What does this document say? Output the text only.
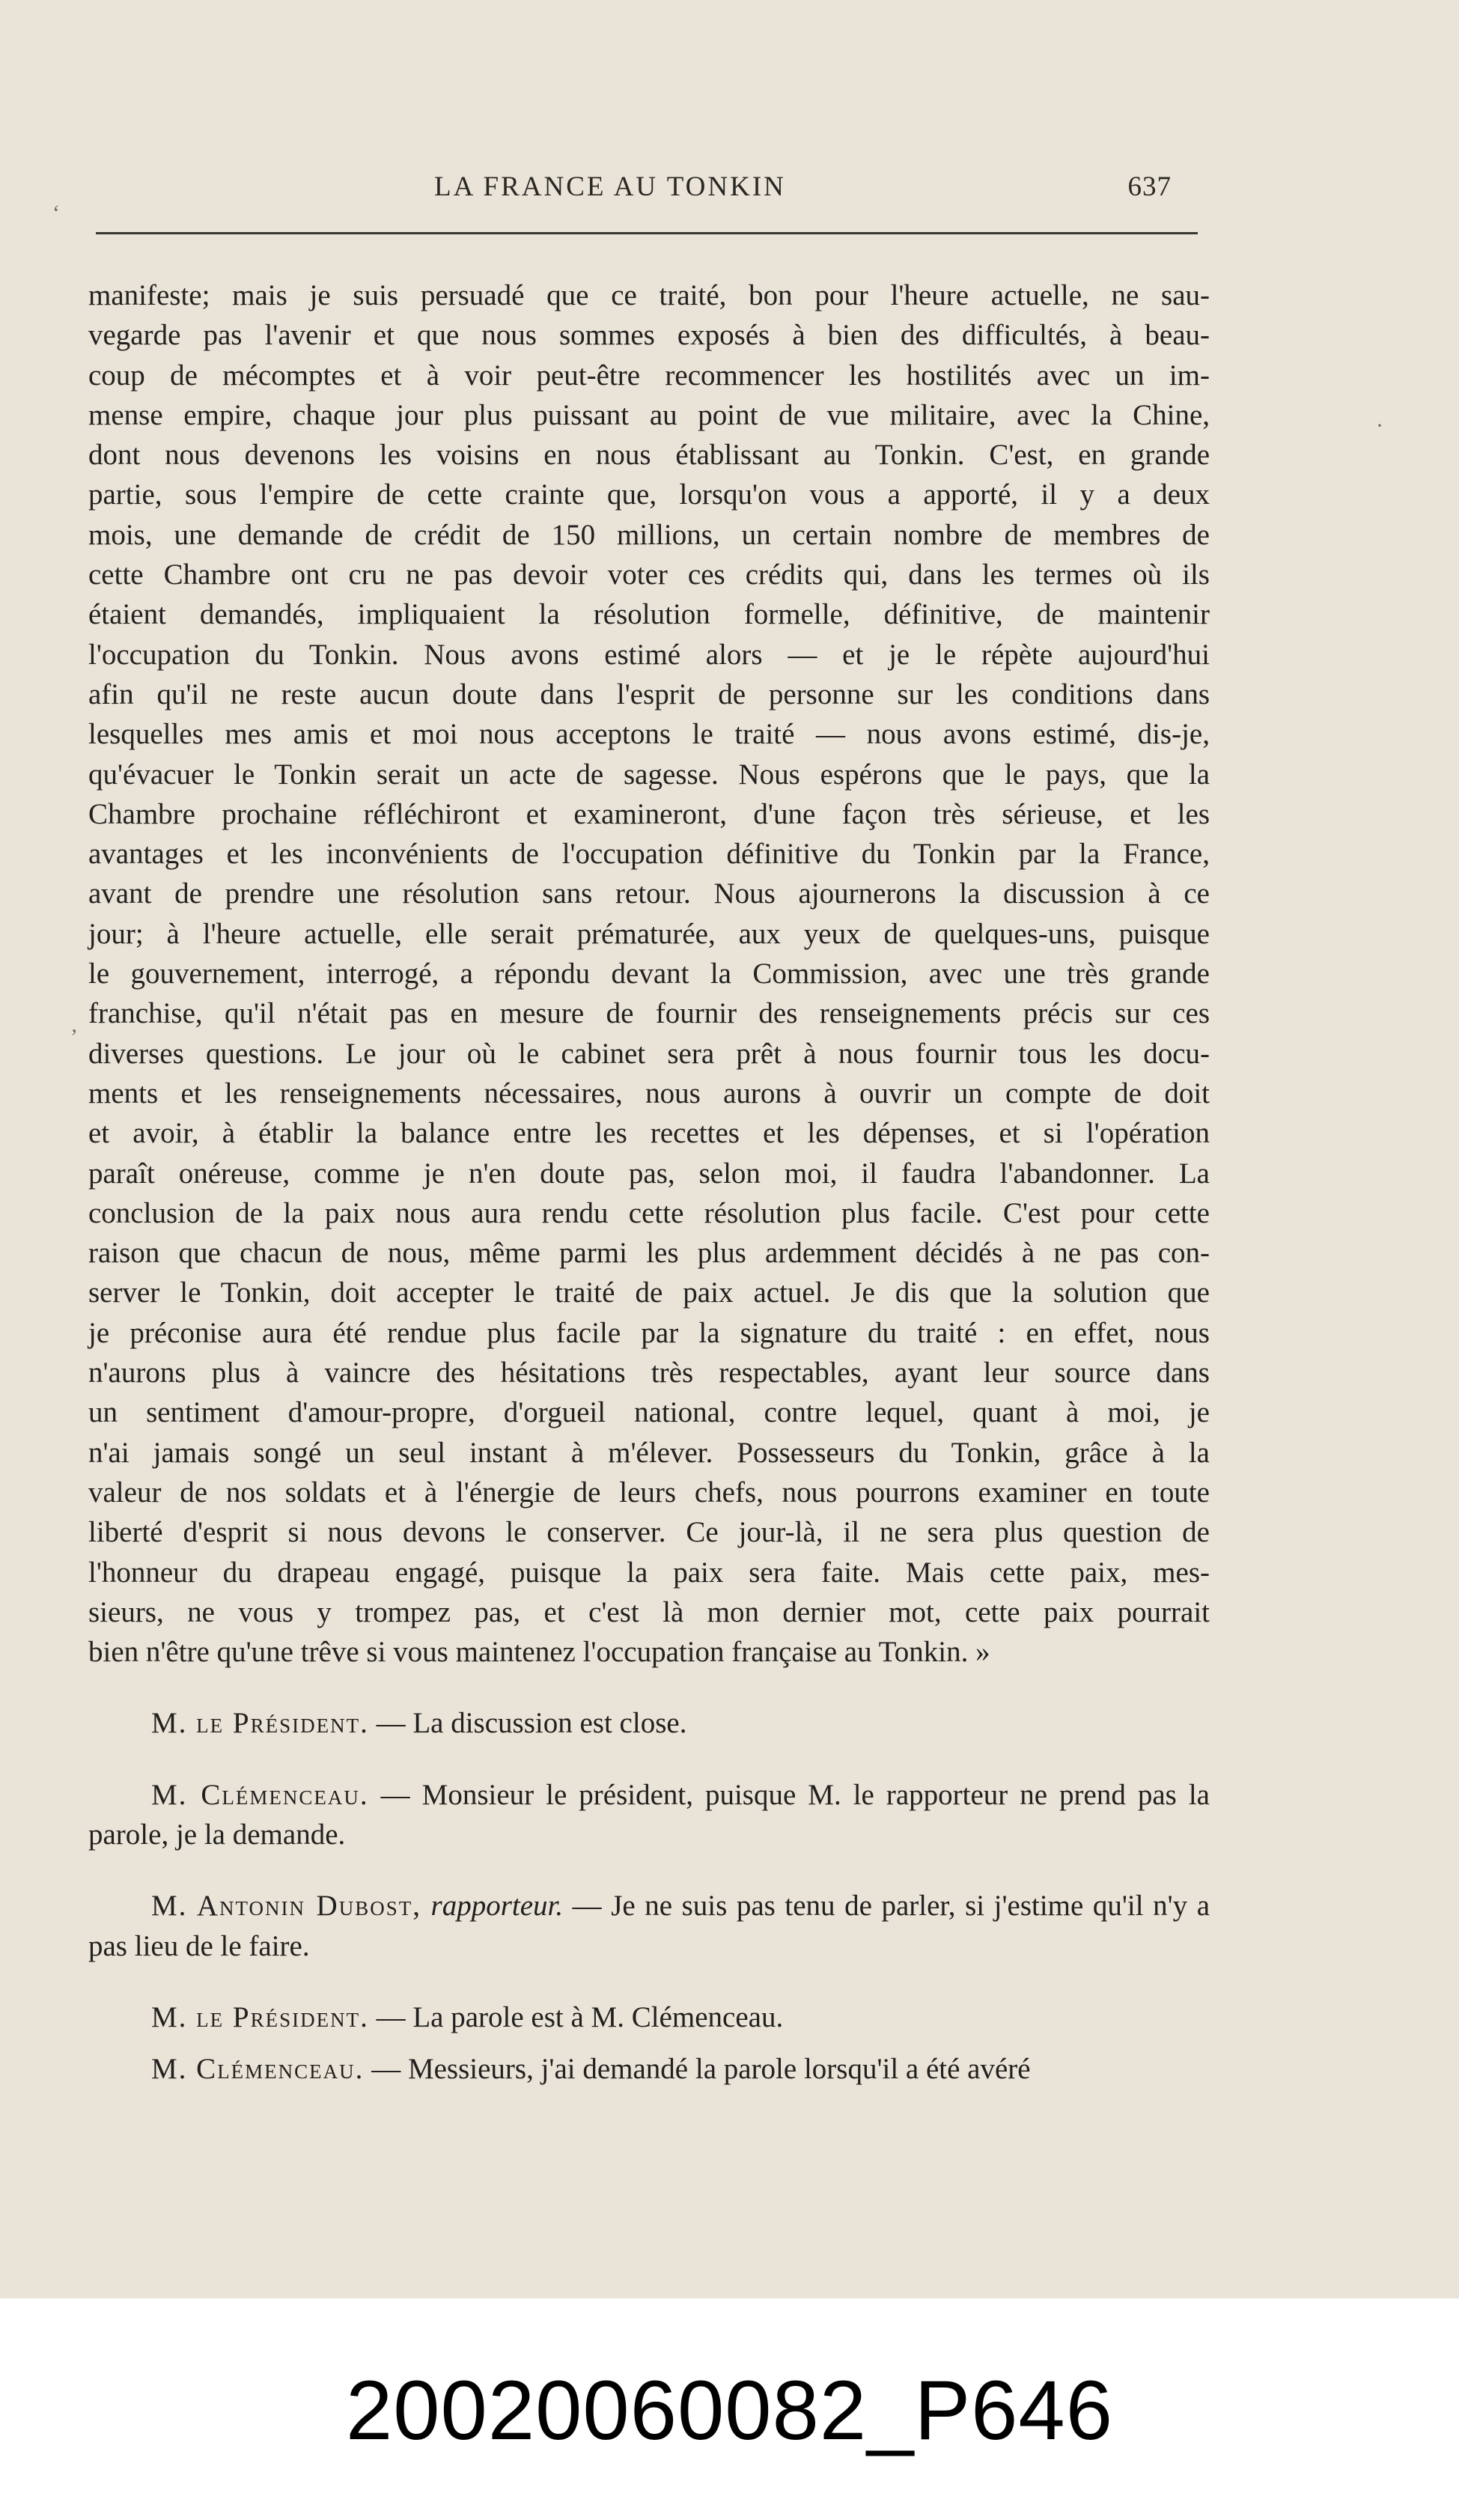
LA FRANCE AU TONKIN	637
‘
·
‚
manifeste; mais je suis persuadé que ce traité, bon pour l'heure actuelle, ne sau-
vegarde pas l'avenir et que nous sommes exposés à bien des difficultés, à beau-
coup de mécomptes et à voir peut-être recommencer les hostilités avec un im-
mense empire, chaque jour plus puissant au point de vue militaire, avec la Chine,
dont nous devenons les voisins en nous établissant au Tonkin. C'est, en grande
partie, sous l'empire de cette crainte que, lorsqu'on vous a apporté, il y a deux
mois, une demande de crédit de 150 millions, un certain nombre de membres de
cette Chambre ont cru ne pas devoir voter ces crédits qui, dans les termes où ils
étaient demandés, impliquaient la résolution formelle, définitive, de maintenir
l'occupation du Tonkin. Nous avons estimé alors — et je le répète aujourd'hui
afin qu'il ne reste aucun doute dans l'esprit de personne sur les conditions dans
lesquelles mes amis et moi nous acceptons le traité — nous avons estimé, dis-je,
qu'évacuer le Tonkin serait un acte de sagesse. Nous espérons que le pays, que la
Chambre prochaine réfléchiront et examineront, d'une façon très sérieuse, et les
avantages et les inconvénients de l'occupation définitive du Tonkin par la France,
avant de prendre une résolution sans retour. Nous ajournerons la discussion à ce
jour; à l'heure actuelle, elle serait prématurée, aux yeux de quelques-uns, puisque
le gouvernement, interrogé, a répondu devant la Commission, avec une très grande
franchise, qu'il n'était pas en mesure de fournir des renseignements précis sur ces
diverses questions. Le jour où le cabinet sera prêt à nous fournir tous les docu-
ments et les renseignements nécessaires, nous aurons à ouvrir un compte de doit
et avoir, à établir la balance entre les recettes et les dépenses, et si l'opération
paraît onéreuse, comme je n'en doute pas, selon moi, il faudra l'abandonner. La
conclusion de la paix nous aura rendu cette résolution plus facile. C'est pour cette
raison que chacun de nous, même parmi les plus ardemment décidés à ne pas con-
server le Tonkin, doit accepter le traité de paix actuel. Je dis que la solution que
je préconise aura été rendue plus facile par la signature du traité : en effet, nous
n'aurons plus à vaincre des hésitations très respectables, ayant leur source dans
un sentiment d'amour-propre, d'orgueil national, contre lequel, quant à moi, je
n'ai jamais songé un seul instant à m'élever. Possesseurs du Tonkin, grâce à la
valeur de nos soldats et à l'énergie de leurs chefs, nous pourrons examiner en toute
liberté d'esprit si nous devons le conserver. Ce jour-là, il ne sera plus question de
l'honneur du drapeau engagé, puisque la paix sera faite. Mais cette paix, mes-
sieurs, ne vous y trompez pas, et c'est là mon dernier mot, cette paix pourrait
bien n'être qu'une trêve si vous maintenez l'occupation française au Tonkin. »
M. le Président. — La discussion est close.
M. Clémenceau. — Monsieur le président, puisque M. le rapporteur ne prend pas la parole, je la demande.
M. Antonin Dubost, rapporteur. — Je ne suis pas tenu de parler, si j'estime qu'il n'y a pas lieu de le faire.
M. le Président. — La parole est à M. Clémenceau.
M. Clémenceau. — Messieurs, j'ai demandé la parole lorsqu'il a été avéré
20020060082_P646
